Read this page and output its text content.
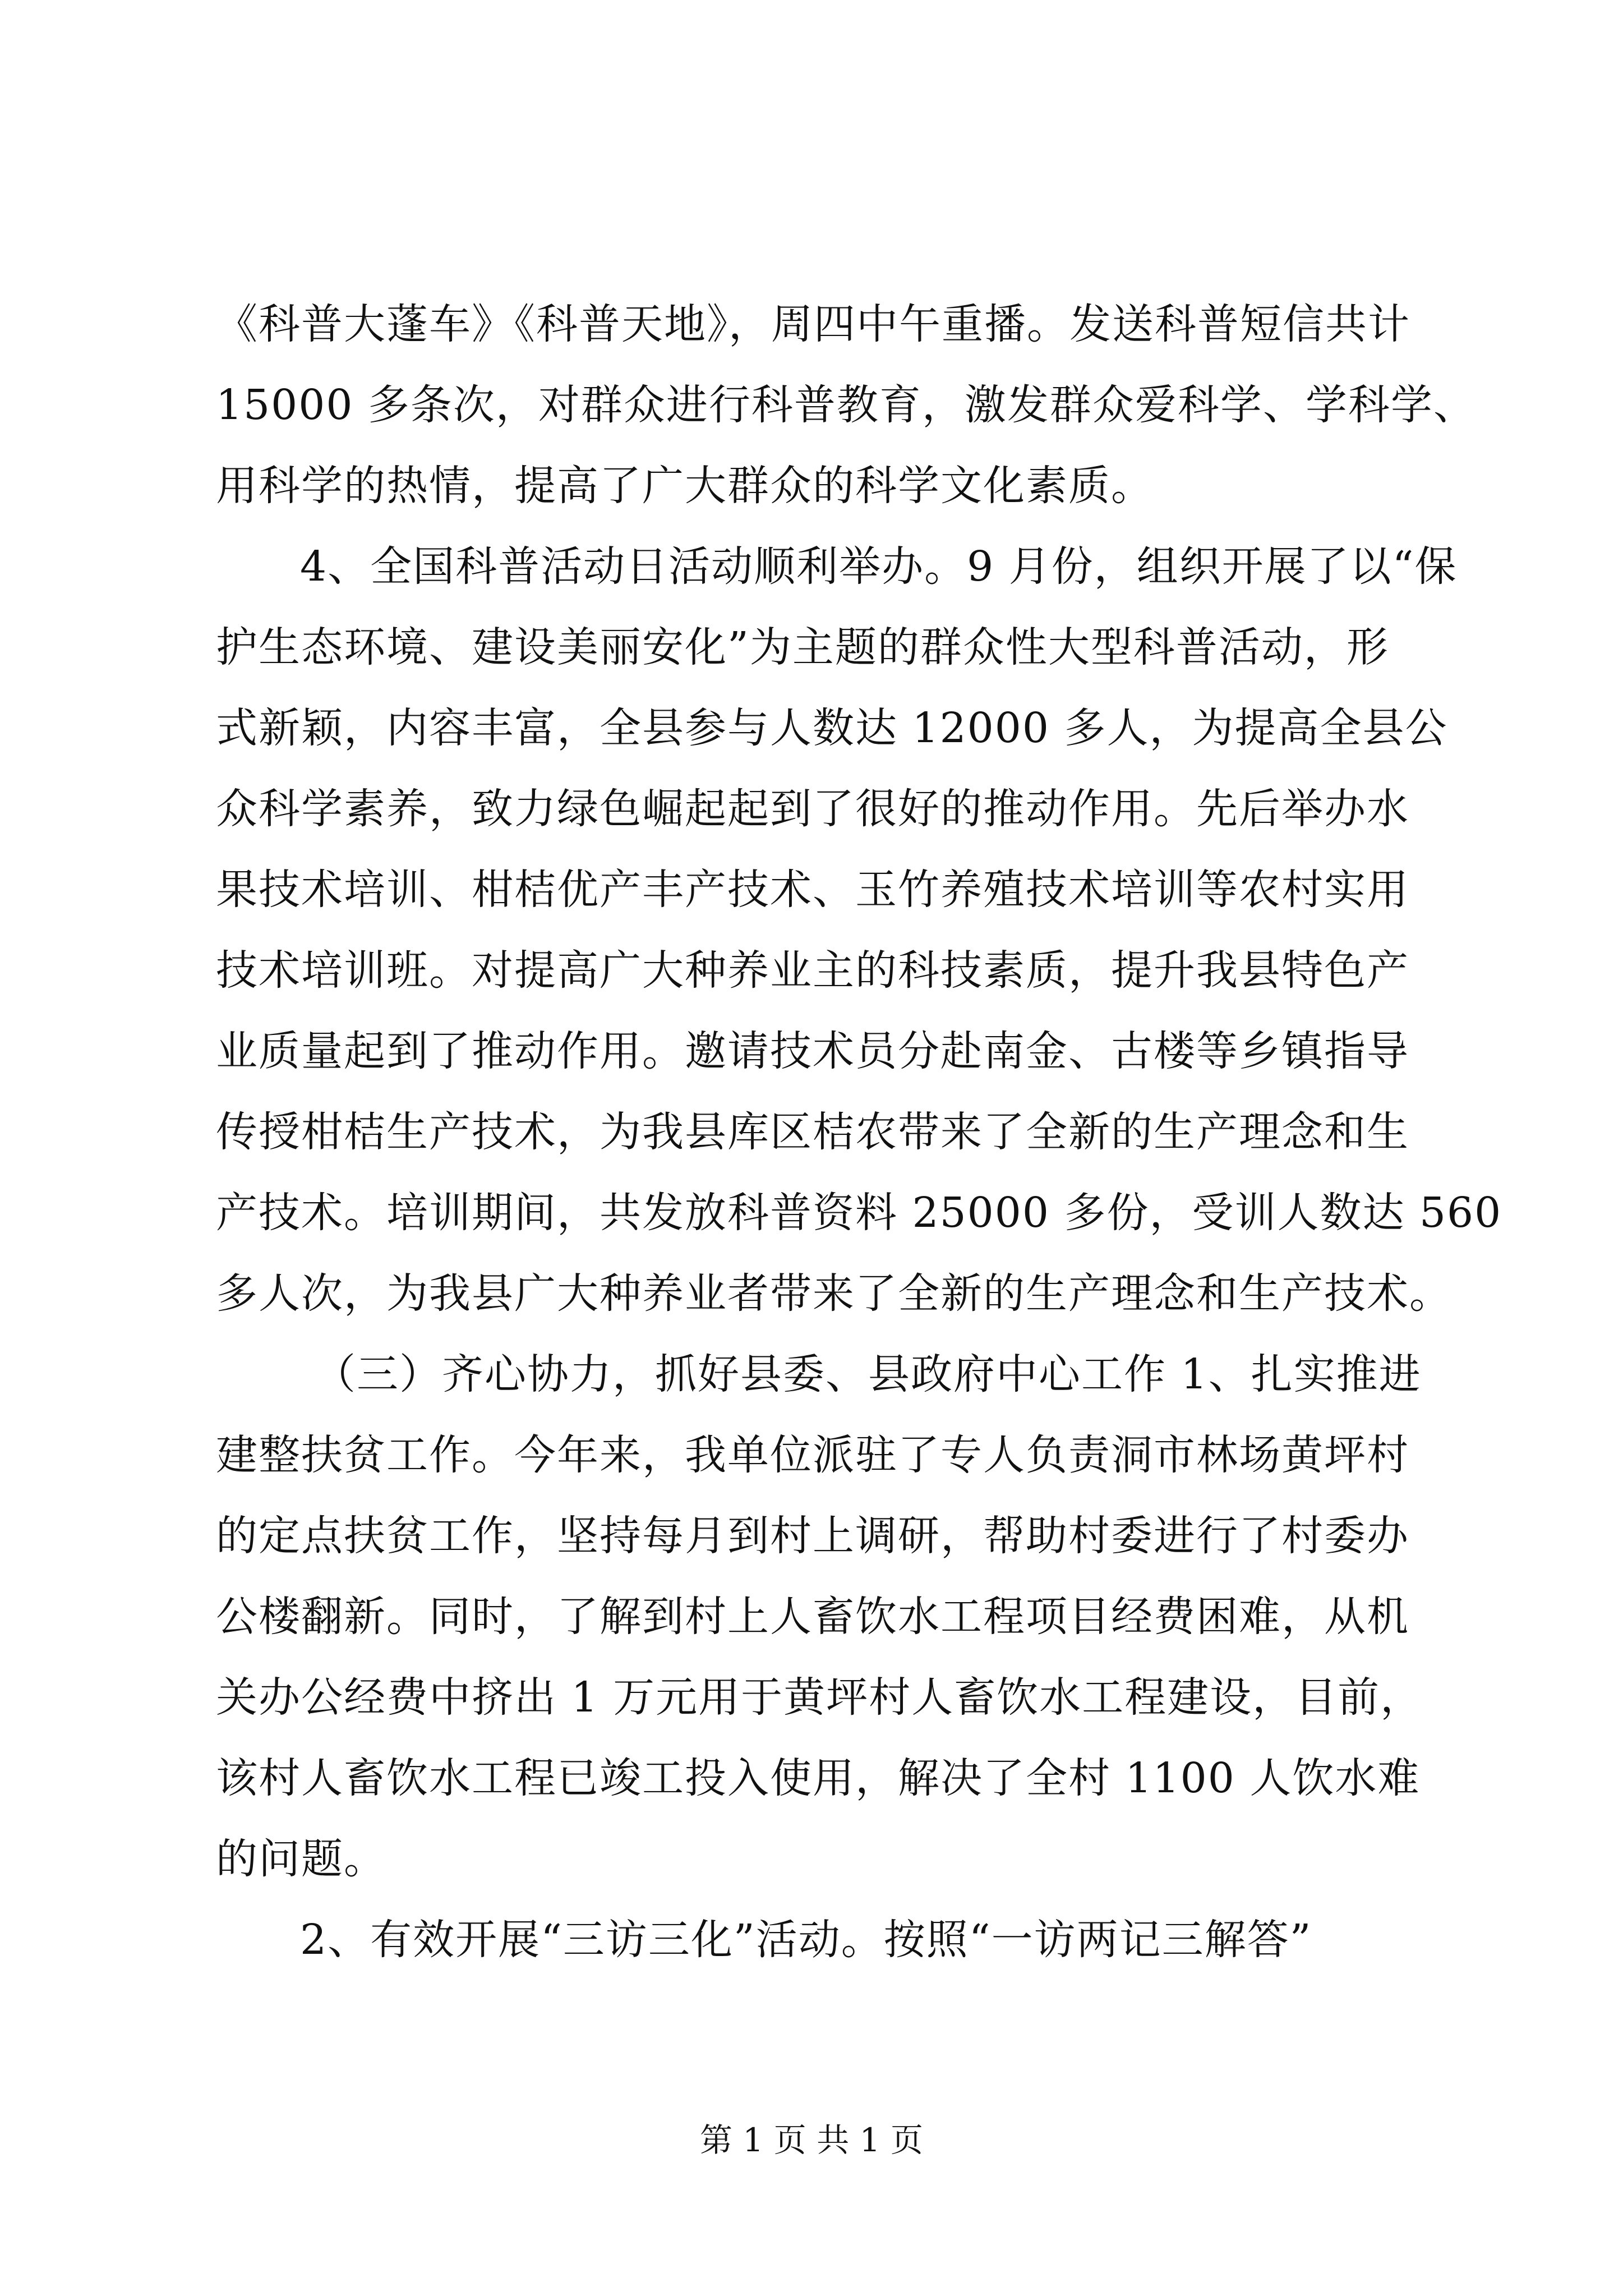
《科普大蓬车》《科普天地》，周四中午重播。发送科普短信共计
15000 多条次，对群众进行科普教育，激发群众爱科学、学科学、
用科学的热情，提高了广大群众的科学文化素质。
4、全国科普活动日活动顺利举办。9 月份，组织开展了以“保
护生态环境、建设美丽安化”为主题的群众性大型科普活动，形
式新颖，内容丰富，全县参与人数达 12000 多人，为提高全县公
众科学素养，致力绿色崛起起到了很好的推动作用。先后举办水
果技术培训、柑桔优产丰产技术、玉竹养殖技术培训等农村实用
技术培训班。对提高广大种养业主的科技素质，提升我县特色产
业质量起到了推动作用。邀请技术员分赴南金、古楼等乡镇指导
传授柑桔生产技术，为我县库区桔农带来了全新的生产理念和生
产技术。培训期间，共发放科普资料 25000 多份，受训人数达 560
多人次，为我县广大种养业者带来了全新的生产理念和生产技术。
（三）齐心协力，抓好县委、县政府中心工作 1、扎实推进
建整扶贫工作。今年来，我单位派驻了专人负责洞市林场黄坪村
的定点扶贫工作，坚持每月到村上调研，帮助村委进行了村委办
公楼翻新。同时，了解到村上人畜饮水工程项目经费困难，从机
关办公经费中挤出 1 万元用于黄坪村人畜饮水工程建设，目前，
该村人畜饮水工程已竣工投入使用，解决了全村 1100 人饮水难
的问题。
2、有效开展“三访三化”活动。按照“一访两记三解答”
第 1 页 共 1 页
